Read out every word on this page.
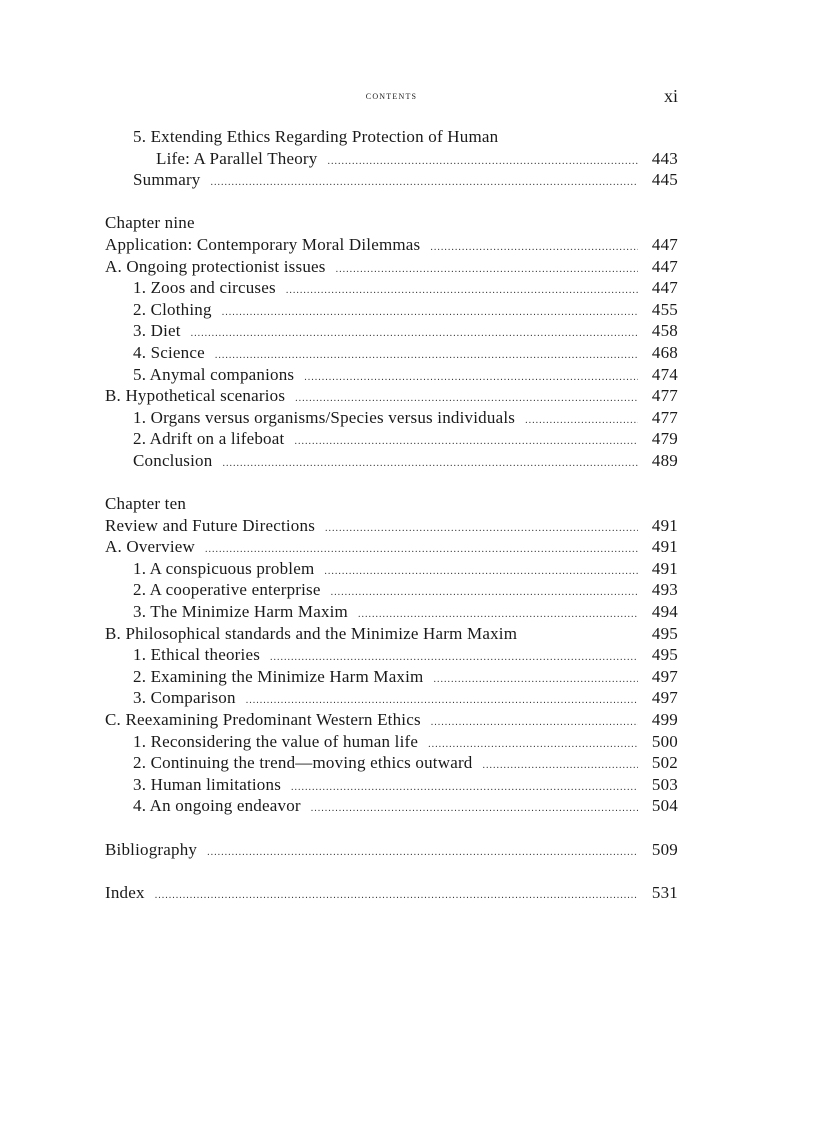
contents	xi
5. Extending Ethics Regarding Protection of Human
Life: A Parallel Theory .....	443
Summary .....	445
Chapter nine
Application: Contemporary Moral Dilemmas .....	447
A. Ongoing protectionist issues .....	447
1. Zoos and circuses .....	447
2. Clothing .....	455
3. Diet .....	458
4. Science .....	468
5. Anymal companions .....	474
B. Hypothetical scenarios .....	477
1. Organs versus organisms/Species versus individuals .....	477
2. Adrift on a lifeboat .....	479
Conclusion .....	489
Chapter ten
Review and Future Directions .....	491
A. Overview .....	491
1. A conspicuous problem .....	491
2. A cooperative enterprise .....	493
3. The Minimize Harm Maxim .....	494
B. Philosophical standards and the Minimize Harm Maxim	495
1. Ethical theories .....	495
2. Examining the Minimize Harm Maxim .....	497
3. Comparison .....	497
C. Reexamining Predominant Western Ethics .....	499
1. Reconsidering the value of human life .....	500
2. Continuing the trend—moving ethics outward .....	502
3. Human limitations .....	503
4. An ongoing endeavor .....	504
Bibliography .....	509
Index .....	531
